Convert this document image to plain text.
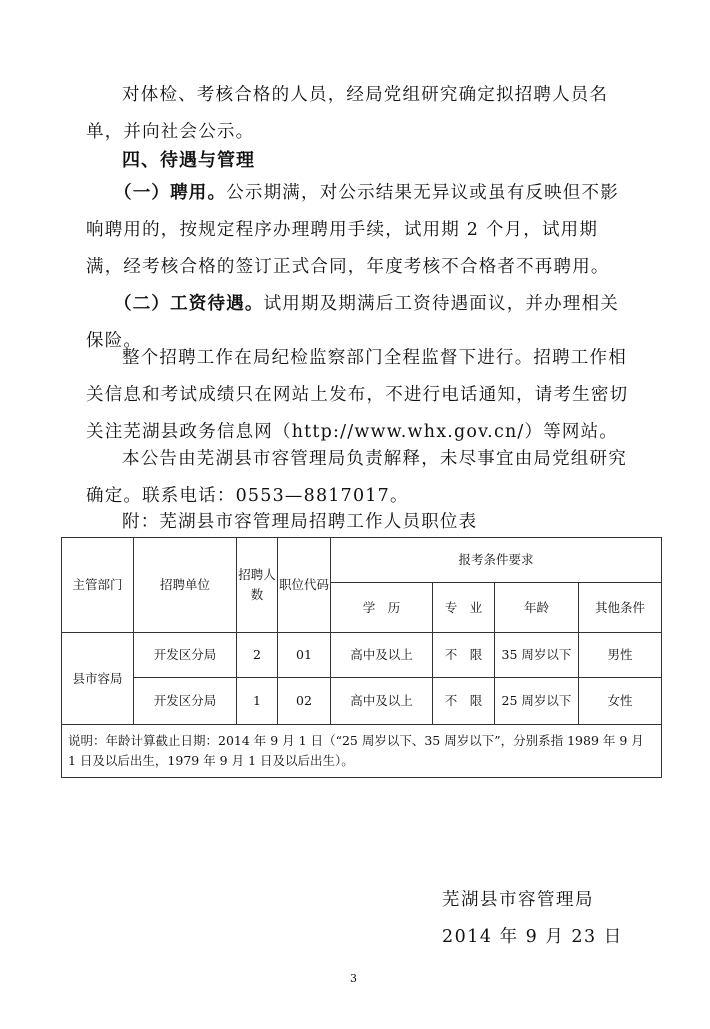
对体检、考核合格的人员，经局党组研究确定拟招聘人员名单，并向社会公示。

四、待遇与管理

（一）聘用。公示期满，对公示结果无异议或虽有反映但不影响聘用的，按规定程序办理聘用手续，试用期 2 个月，试用期满，经考核合格的签订正式合同，年度考核不合格者不再聘用。

（二）工资待遇。试用期及期满后工资待遇面议，并办理相关保险。

整个招聘工作在局纪检监察部门全程监督下进行。招聘工作相关信息和考试成绩只在网站上发布，不进行电话通知，请考生密切关注芜湖县政务信息网（http://www.whx.gov.cn/）等网站。

本公告由芜湖县市容管理局负责解释，未尽事宜由局党组研究确定。联系电话：0553—8817017。

附：芜湖县市容管理局招聘工作人员职位表
主管部门	招聘单位	招聘人数	职位代码	报考条件要求			
				学　历	专　业	年龄	其他条件
县市容局	开发区分局	2	01	高中及以上	不　限	35 周岁以下	男性
	开发区分局	1	02	高中及以上	不　限	25 周岁以下	女性
说明：年龄计算截止日期：2014 年 9 月 1 日（“25 周岁以下、35 周岁以下”，分别系指 1989 年 9 月 1 日及以后出生，1979 年 9 月 1 日及以后出生）。							
芜湖县市容管理局
2014 年 9 月 23 日
3
